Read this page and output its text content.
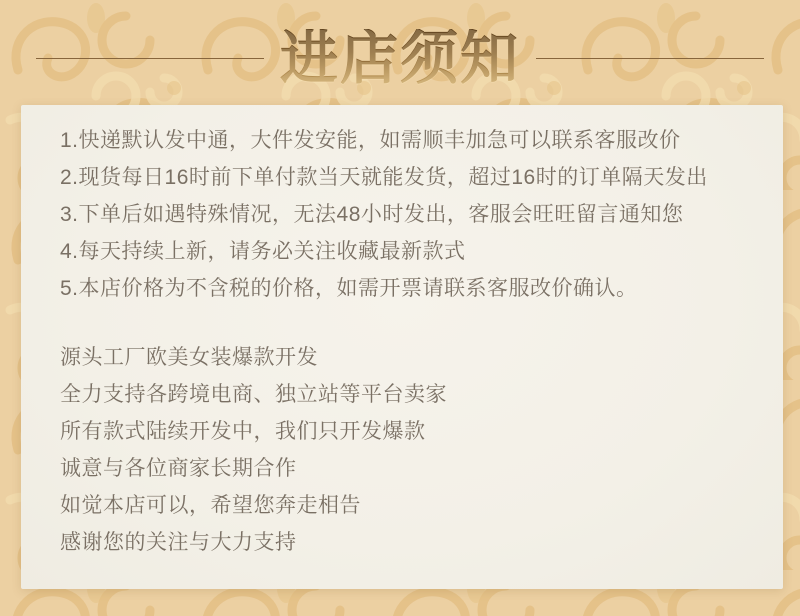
进店须知

1.快递默认发中通，大件发安能，如需顺丰加急可以联系客服改价

2.现货每日16时前下单付款当天就能发货，超过16时的订单隔天发出

3.下单后如遇特殊情况，无法48小时发出，客服会旺旺留言通知您

4.每天持续上新，请务必关注收藏最新款式

5.本店价格为不含税的价格，如需开票请联系客服改价确认。

源头工厂欧美女装爆款开发

全力支持各跨境电商、独立站等平台卖家

所有款式陆续开发中，我们只开发爆款

诚意与各位商家长期合作

如觉本店可以，希望您奔走相告

感谢您的关注与大力支持
